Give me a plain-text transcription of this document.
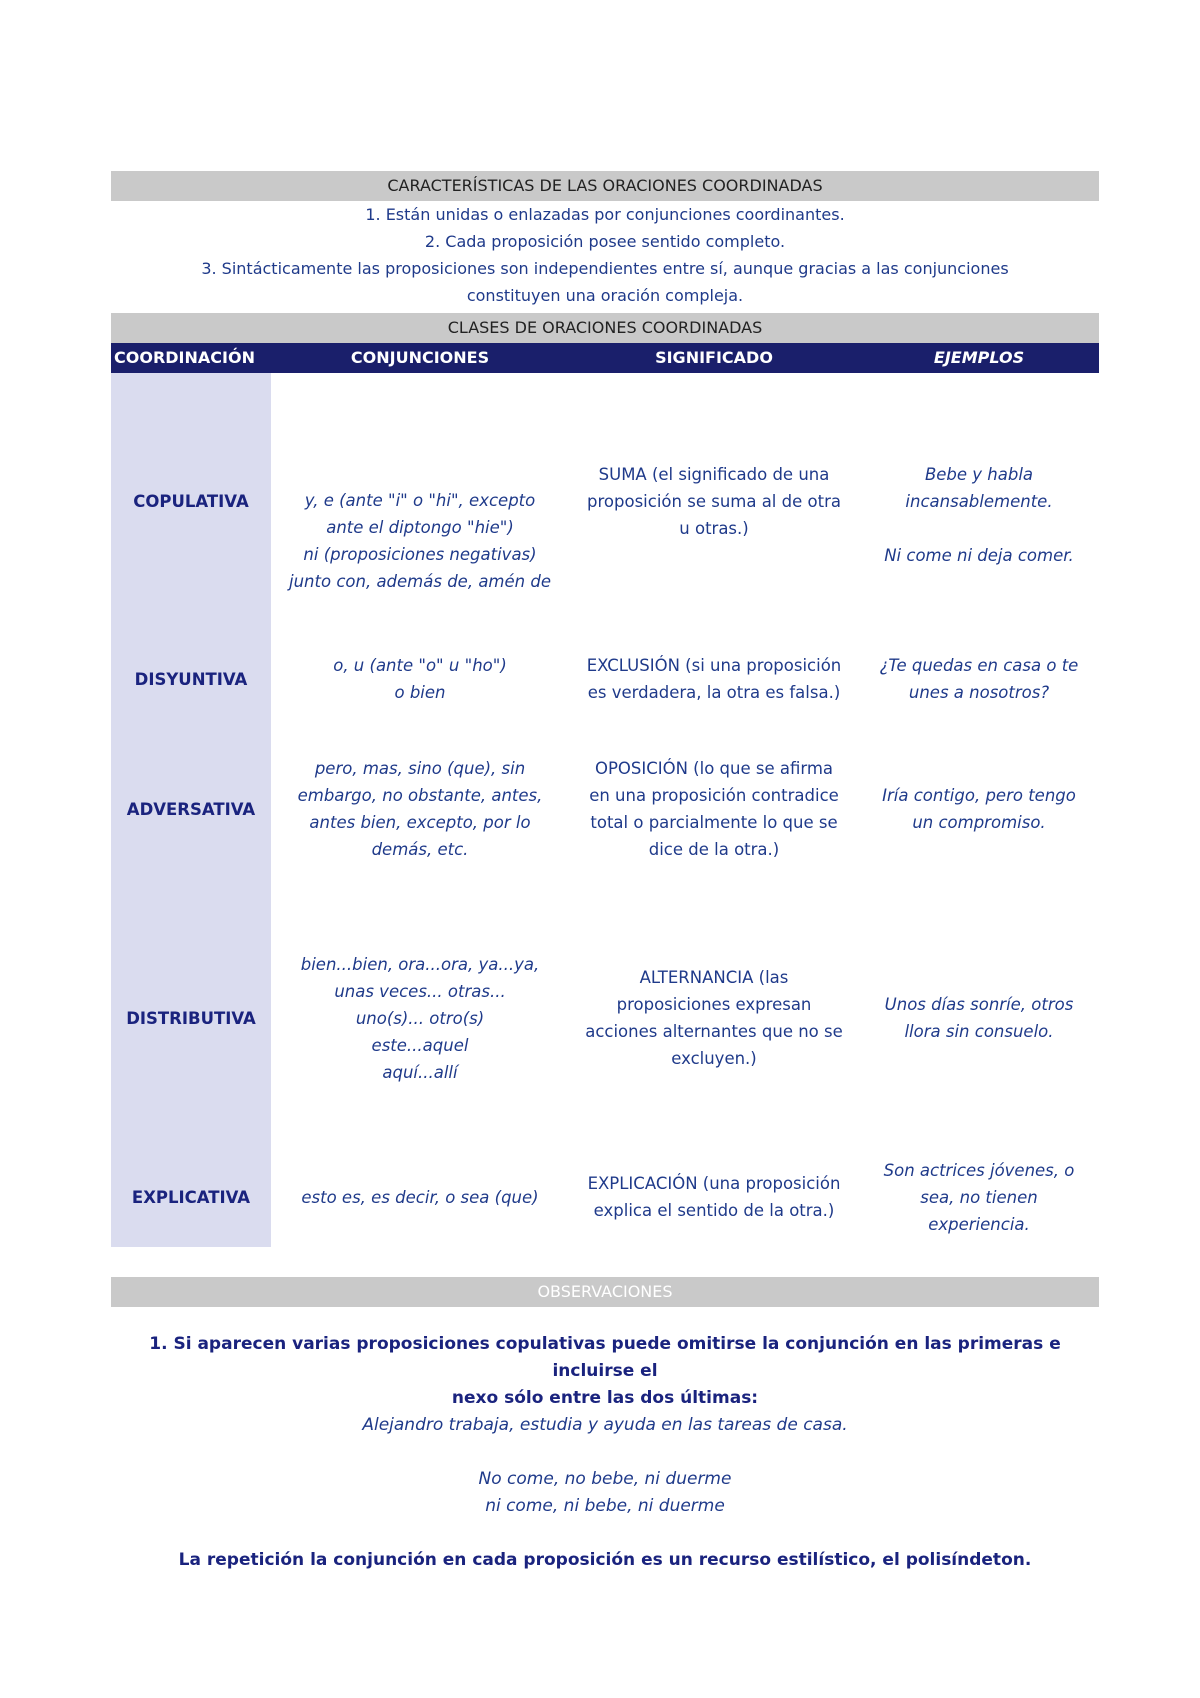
CARACTERÍSTICAS DE LAS ORACIONES COORDINADAS
1. Están unidas o enlazadas por conjunciones coordinantes.
2. Cada proposición posee sentido completo.
3. Sintácticamente las proposiciones son independientes entre sí, aunque gracias a las conjunciones
constituyen una oración compleja.
CLASES DE ORACIONES COORDINADAS
COORDINACIÓN	CONJUNCIONES	SIGNIFICADO	EJEMPLOS
COPULATIVA	y, e (ante "i" o "hi", excepto
ante el diptongo "hie")
ni (proposiciones negativas)
junto con, además de, amén de	SUMA (el significado de una
proposición se suma al de otra
u otras.)	Bebe y habla
incansablemente.
Ni come ni deja comer.

DISYUNTIVA	o, u (ante "o" u "ho")
o bien	EXCLUSIÓN (si una proposición
es verdadera, la otra es falsa.)	¿Te quedas en casa o te
unes a nosotros?

ADVERSATIVA	pero, mas, sino (que), sin
embargo, no obstante, antes,
antes bien, excepto, por lo
demás, etc.	OPOSICIÓN (lo que se afirma
en una proposición contradice
total o parcialmente lo que se
dice de la otra.)	Iría contigo, pero tengo
un compromiso.

DISTRIBUTIVA	bien...bien, ora...ora, ya...ya,
unas veces... otras...
uno(s)... otro(s)
este...aquel
aquí...allí	ALTERNANCIA (las
proposiciones expresan
acciones alternantes que no se
excluyen.)	Unos días sonríe, otros
llora sin consuelo.

EXPLICATIVA	esto es, es decir, o sea (que)	EXPLICACIÓN (una proposición
explica el sentido de la otra.)	Son actrices jóvenes, o
sea, no tienen
experiencia.
OBSERVACIONES
1. Si aparecen varias proposiciones copulativas puede omitirse la conjunción en las primeras e incluirse el
nexo sólo entre las dos últimas:
Alejandro trabaja, estudia y ayuda en las tareas de casa.
No come, no bebe, ni duerme
ni come, ni bebe, ni duerme
La repetición la conjunción en cada proposición es un recurso estilístico, el polisíndeton.
